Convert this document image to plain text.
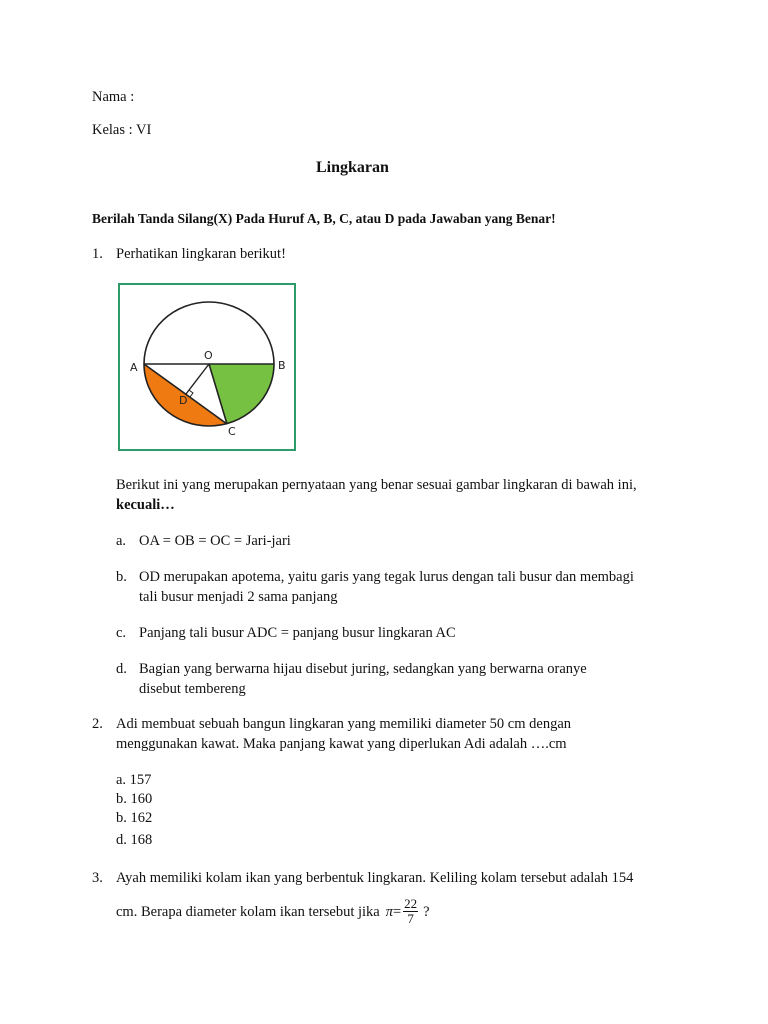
Nama :
Kelas : VI
Lingkaran
Berilah Tanda Silang(X) Pada Huruf A, B, C, atau D pada Jawaban yang Benar!
1. Perhatikan lingkaran berikut!
A	B
O
C
D
Berikut ini yang merupakan pernyataan yang benar sesuai gambar lingkaran di bawah ini,
kecuali…
a. OA = OB = OC = Jari-jari
b. OD merupakan apotema, yaitu garis yang tegak lurus dengan tali busur dan membagi
tali busur menjadi 2 sama panjang
c. Panjang tali busur ADC = panjang busur lingkaran AC
d. Bagian yang berwarna hijau disebut juring, sedangkan yang berwarna oranye
disebut tembereng
2. Adi membuat sebuah bangun lingkaran yang memiliki diameter 50 cm dengan
menggunakan kawat. Maka panjang kawat yang diperlukan Adi adalah ….cm
a. 157
b. 160
b. 162
d. 168
3. Ayah memiliki kolam ikan yang berbentuk lingkaran. Keliling kolam tersebut adalah 154
cm. Berapa diameter kolam ikan tersebut jika $\pi = \frac{22}{7}$ ?
